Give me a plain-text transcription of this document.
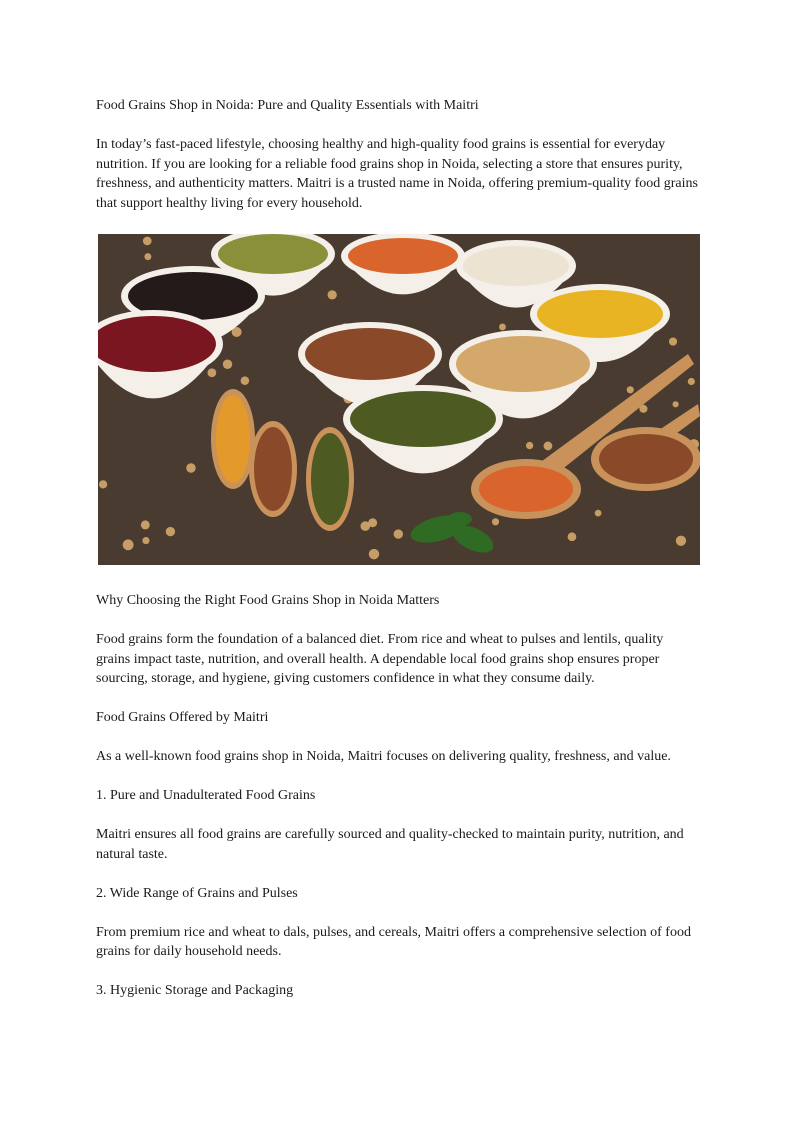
Food Grains Shop in Noida: Pure and Quality Essentials with Maitri

In today’s fast-paced lifestyle, choosing healthy and high-quality food grains is essential for everyday nutrition. If you are looking for a reliable food grains shop in Noida, selecting a store that ensures purity, freshness, and authenticity matters. Maitri is a trusted name in Noida, offering premium-quality food grains that support healthy living for every household.

Why Choosing the Right Food Grains Shop in Noida Matters

Food grains form the foundation of a balanced diet. From rice and wheat to pulses and lentils, quality grains impact taste, nutrition, and overall health. A dependable local food grains shop ensures proper sourcing, storage, and hygiene, giving customers confidence in what they consume daily.

Food Grains Offered by Maitri

As a well-known food grains shop in Noida, Maitri focuses on delivering quality, freshness, and value.

1. Pure and Unadulterated Food Grains

Maitri ensures all food grains are carefully sourced and quality-checked to maintain purity, nutrition, and natural taste.

2. Wide Range of Grains and Pulses

From premium rice and wheat to dals, pulses, and cereals, Maitri offers a comprehensive selection of food grains for daily household needs.

3. Hygienic Storage and Packaging
